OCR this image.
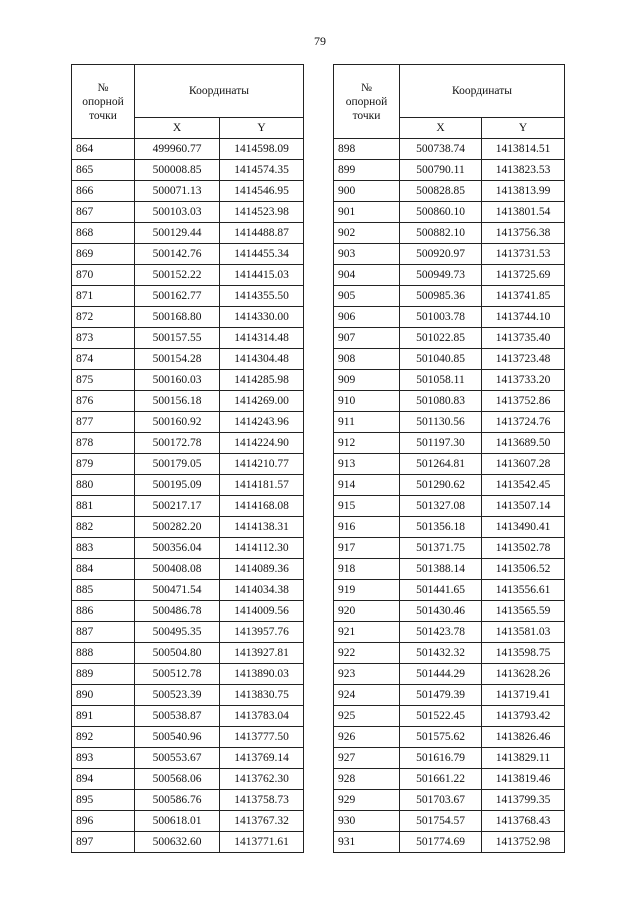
79
№
опорной
точки	Координаты	
	X	Y
864	499960.77	1414598.09
865	500008.85	1414574.35
866	500071.13	1414546.95
867	500103.03	1414523.98
868	500129.44	1414488.87
869	500142.76	1414455.34
870	500152.22	1414415.03
871	500162.77	1414355.50
872	500168.80	1414330.00
873	500157.55	1414314.48
874	500154.28	1414304.48
875	500160.03	1414285.98
876	500156.18	1414269.00
877	500160.92	1414243.96
878	500172.78	1414224.90
879	500179.05	1414210.77
880	500195.09	1414181.57
881	500217.17	1414168.08
882	500282.20	1414138.31
883	500356.04	1414112.30
884	500408.08	1414089.36
885	500471.54	1414034.38
886	500486.78	1414009.56
887	500495.35	1413957.76
888	500504.80	1413927.81
889	500512.78	1413890.03
890	500523.39	1413830.75
891	500538.87	1413783.04
892	500540.96	1413777.50
893	500553.67	1413769.14
894	500568.06	1413762.30
895	500586.76	1413758.73
896	500618.01	1413767.32
897	500632.60	1413771.61
№
опорной
точки	Координаты	
	X	Y
898	500738.74	1413814.51
899	500790.11	1413823.53
900	500828.85	1413813.99
901	500860.10	1413801.54
902	500882.10	1413756.38
903	500920.97	1413731.53
904	500949.73	1413725.69
905	500985.36	1413741.85
906	501003.78	1413744.10
907	501022.85	1413735.40
908	501040.85	1413723.48
909	501058.11	1413733.20
910	501080.83	1413752.86
911	501130.56	1413724.76
912	501197.30	1413689.50
913	501264.81	1413607.28
914	501290.62	1413542.45
915	501327.08	1413507.14
916	501356.18	1413490.41
917	501371.75	1413502.78
918	501388.14	1413506.52
919	501441.65	1413556.61
920	501430.46	1413565.59
921	501423.78	1413581.03
922	501432.32	1413598.75
923	501444.29	1413628.26
924	501479.39	1413719.41
925	501522.45	1413793.42
926	501575.62	1413826.46
927	501616.79	1413829.11
928	501661.22	1413819.46
929	501703.67	1413799.35
930	501754.57	1413768.43
931	501774.69	1413752.98
